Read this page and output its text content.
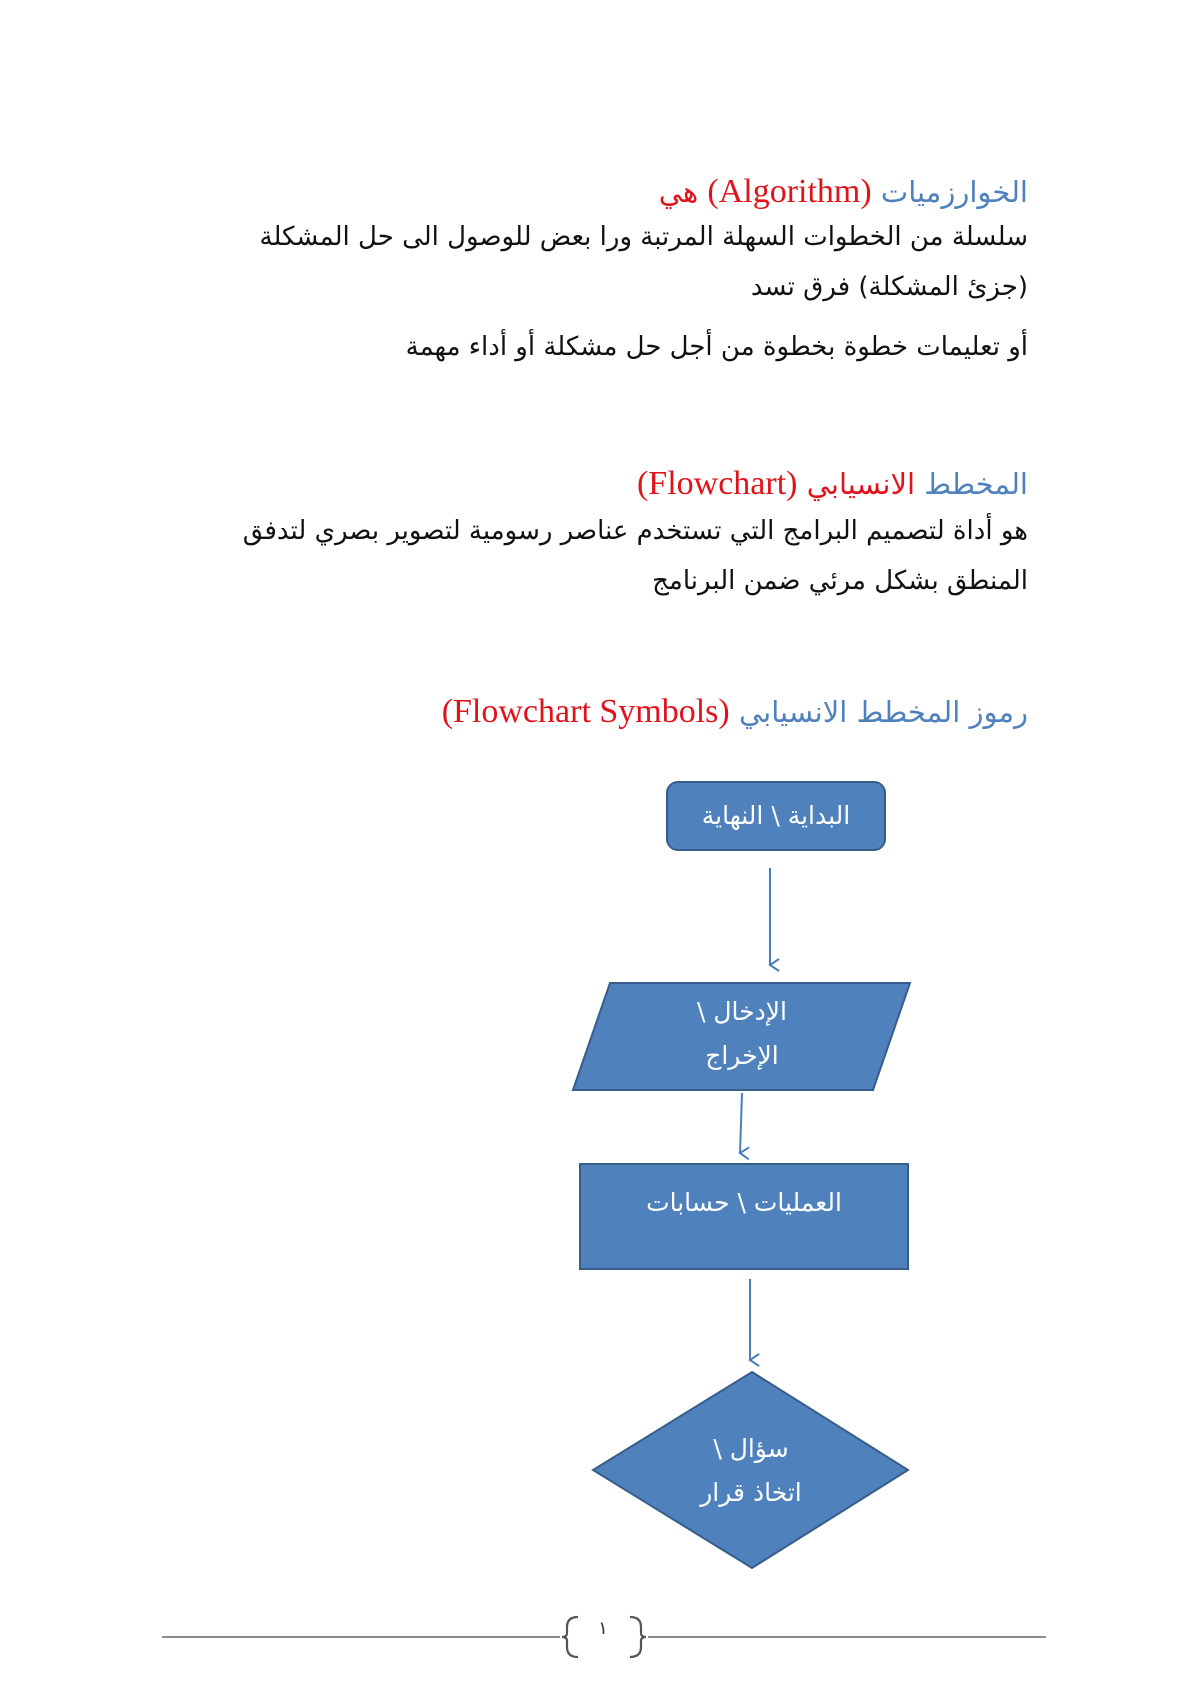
الخوارزميات (Algorithm) هي
سلسلة من الخطوات السهلة المرتبة ورا بعض للوصول الى حل المشكلة (جزئ المشكلة) فرق تسد
أو تعليمات خطوة بخطوة من أجل حل مشكلة أو أداء مهمة
المخطط الانسيابي (Flowchart)
هو أداة لتصميم البرامج التي تستخدم عناصر رسومية لتصوير بصري لتدفق المنطق بشكل مرئي ضمن البرنامج
رموز المخطط الانسيابي (Flowchart Symbols)
البداية \ النهاية
الإدخال \
الإخراج
العمليات \ حسابات
سؤال \
اتخاذ قرار
١
